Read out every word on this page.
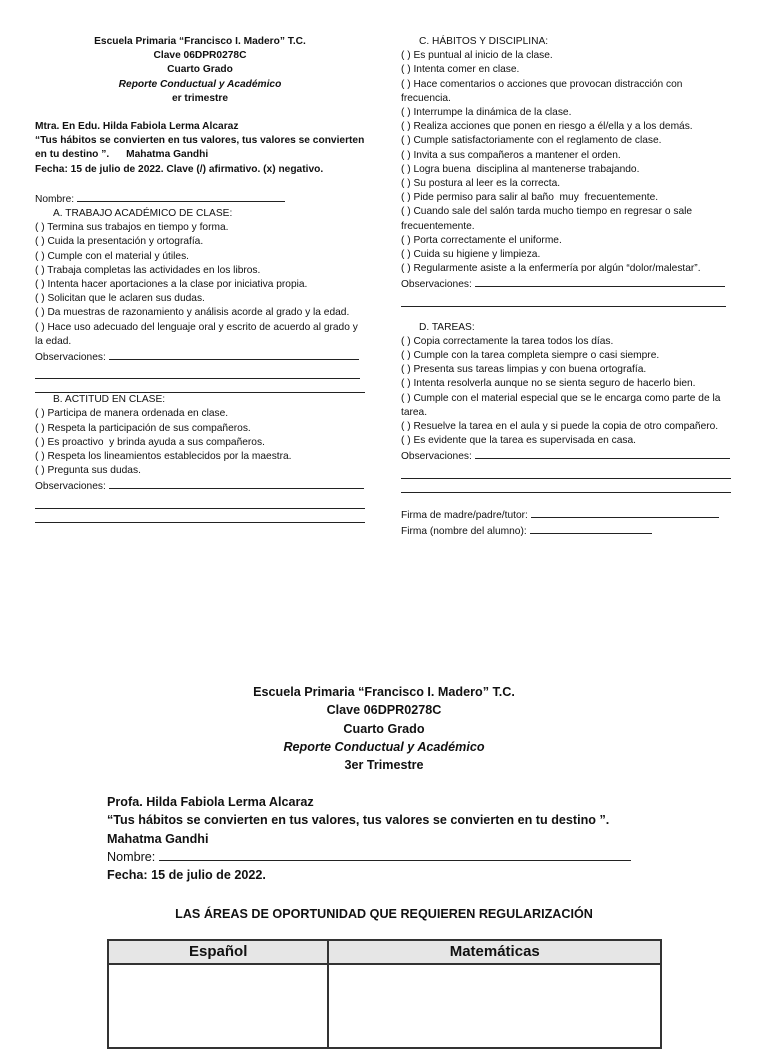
Escuela Primaria “Francisco I. Madero” T.C.
Clave 06DPR0278C
Cuarto Grado
Reporte Conductual y Académico
er trimestre
Mtra. En Edu. Hilda Fabiola Lerma Alcaraz
“Tus hábitos se convierten en tus valores, tus valores se convierten
en tu destino ”.      Mahatma Gandhi
Fecha: 15 de julio de 2022. Clave (/) afirmativo. (x) negativo.
Nombre:
A. TRABAJO ACADÉMICO DE CLASE:
( ) Termina sus trabajos en tiempo y forma.
( ) Cuida la presentación y ortografía.
( ) Cumple con el material y útiles.
( ) Trabaja completas las actividades en los libros.
( ) Intenta hacer aportaciones a la clase por iniciativa propia.
( ) Solicitan que le aclaren sus dudas.
( ) Da muestras de razonamiento y análisis acorde al grado y la edad.
( ) Hace uso adecuado del lenguaje oral y escrito de acuerdo al grado y la edad.
Observaciones:
B. ACTITUD EN CLASE:
( ) Participa de manera ordenada en clase.
( ) Respeta la participación de sus compañeros.
( ) Es proactivo  y brinda ayuda a sus compañeros.
( ) Respeta los lineamientos establecidos por la maestra.
( ) Pregunta sus dudas.
Observaciones:
C. HÁBITOS Y DISCIPLINA:
( ) Es puntual al inicio de la clase.
( ) Intenta comer en clase.
( ) Hace comentarios o acciones que provocan distracción con frecuencia.
( ) Interrumpe la dinámica de la clase.
( ) Realiza acciones que ponen en riesgo a él/ella y a los demás.
( ) Cumple satisfactoriamente con el reglamento de clase.
( ) Invita a sus compañeros a mantener el orden.
( ) Logra buena  disciplina al mantenerse trabajando.
( ) Su postura al leer es la correcta.
( ) Pide permiso para salir al baño  muy  frecuentemente.
( ) Cuando sale del salón tarda mucho tiempo en regresar o sale frecuentemente.
( ) Porta correctamente el uniforme.
( ) Cuida su higiene y limpieza.
( ) Regularmente asiste a la enfermería por algún “dolor/malestar”.
Observaciones:
D. TAREAS:
( ) Copia correctamente la tarea todos los días.
( ) Cumple con la tarea completa siempre o casi siempre.
( ) Presenta sus tareas limpias y con buena ortografía.
( ) Intenta resolverla aunque no se sienta seguro de hacerlo bien.
( ) Cumple con el material especial que se le encarga como parte de la tarea.
( ) Resuelve la tarea en el aula y si puede la copia de otro compañero.
( ) Es evidente que la tarea es supervisada en casa.
Observaciones:
Firma de madre/padre/tutor:
Firma (nombre del alumno):
Escuela Primaria “Francisco I. Madero” T.C.
Clave 06DPR0278C
Cuarto Grado
Reporte Conductual y Académico
3er Trimestre
Profa. Hilda Fabiola Lerma Alcaraz
“Tus hábitos se convierten en tus valores, tus valores se convierten en tu destino ”.
Mahatma Gandhi
Nombre:
Fecha: 15 de julio de 2022.
LAS ÁREAS DE OPORTUNIDAD QUE REQUIEREN REGULARIZACIÓN
Español	Matemáticas
